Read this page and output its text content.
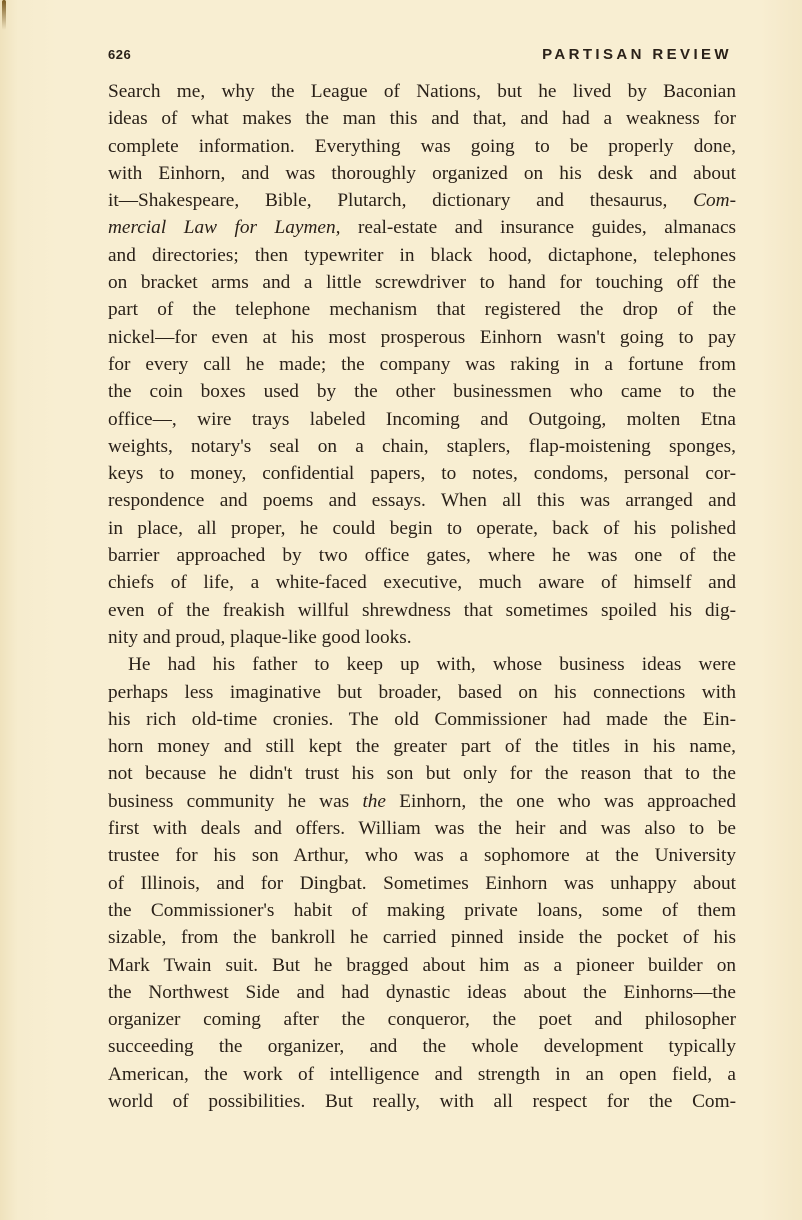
626	PARTISAN REVIEW
Search me, why the League of Nations, but he lived by Baconian
ideas of what makes the man this and that, and had a weakness for
complete information. Everything was going to be properly done,
with Einhorn, and was thoroughly organized on his desk and about
it—Shakespeare, Bible, Plutarch, dictionary and thesaurus, Com-
mercial Law for Laymen, real-estate and insurance guides, almanacs
and directories; then typewriter in black hood, dictaphone, telephones
on bracket arms and a little screwdriver to hand for touching off the
part of the telephone mechanism that registered the drop of the
nickel—for even at his most prosperous Einhorn wasn't going to pay
for every call he made; the company was raking in a fortune from
the coin boxes used by the other businessmen who came to the
office—, wire trays labeled Incoming and Outgoing, molten Etna
weights, notary's seal on a chain, staplers, flap-moistening sponges,
keys to money, confidential papers, to notes, condoms, personal cor-
respondence and poems and essays. When all this was arranged and
in place, all proper, he could begin to operate, back of his polished
barrier approached by two office gates, where he was one of the
chiefs of life, a white-faced executive, much aware of himself and
even of the freakish willful shrewdness that sometimes spoiled his dig-
nity and proud, plaque-like good looks.
He had his father to keep up with, whose business ideas were
perhaps less imaginative but broader, based on his connections with
his rich old-time cronies. The old Commissioner had made the Ein-
horn money and still kept the greater part of the titles in his name,
not because he didn't trust his son but only for the reason that to the
business community he was the Einhorn, the one who was approached
first with deals and offers. William was the heir and was also to be
trustee for his son Arthur, who was a sophomore at the University
of Illinois, and for Dingbat. Sometimes Einhorn was unhappy about
the Commissioner's habit of making private loans, some of them
sizable, from the bankroll he carried pinned inside the pocket of his
Mark Twain suit. But he bragged about him as a pioneer builder on
the Northwest Side and had dynastic ideas about the Einhorns—the
organizer coming after the conqueror, the poet and philosopher
succeeding the organizer, and the whole development typically
American, the work of intelligence and strength in an open field, a
world of possibilities. But really, with all respect for the Com-
